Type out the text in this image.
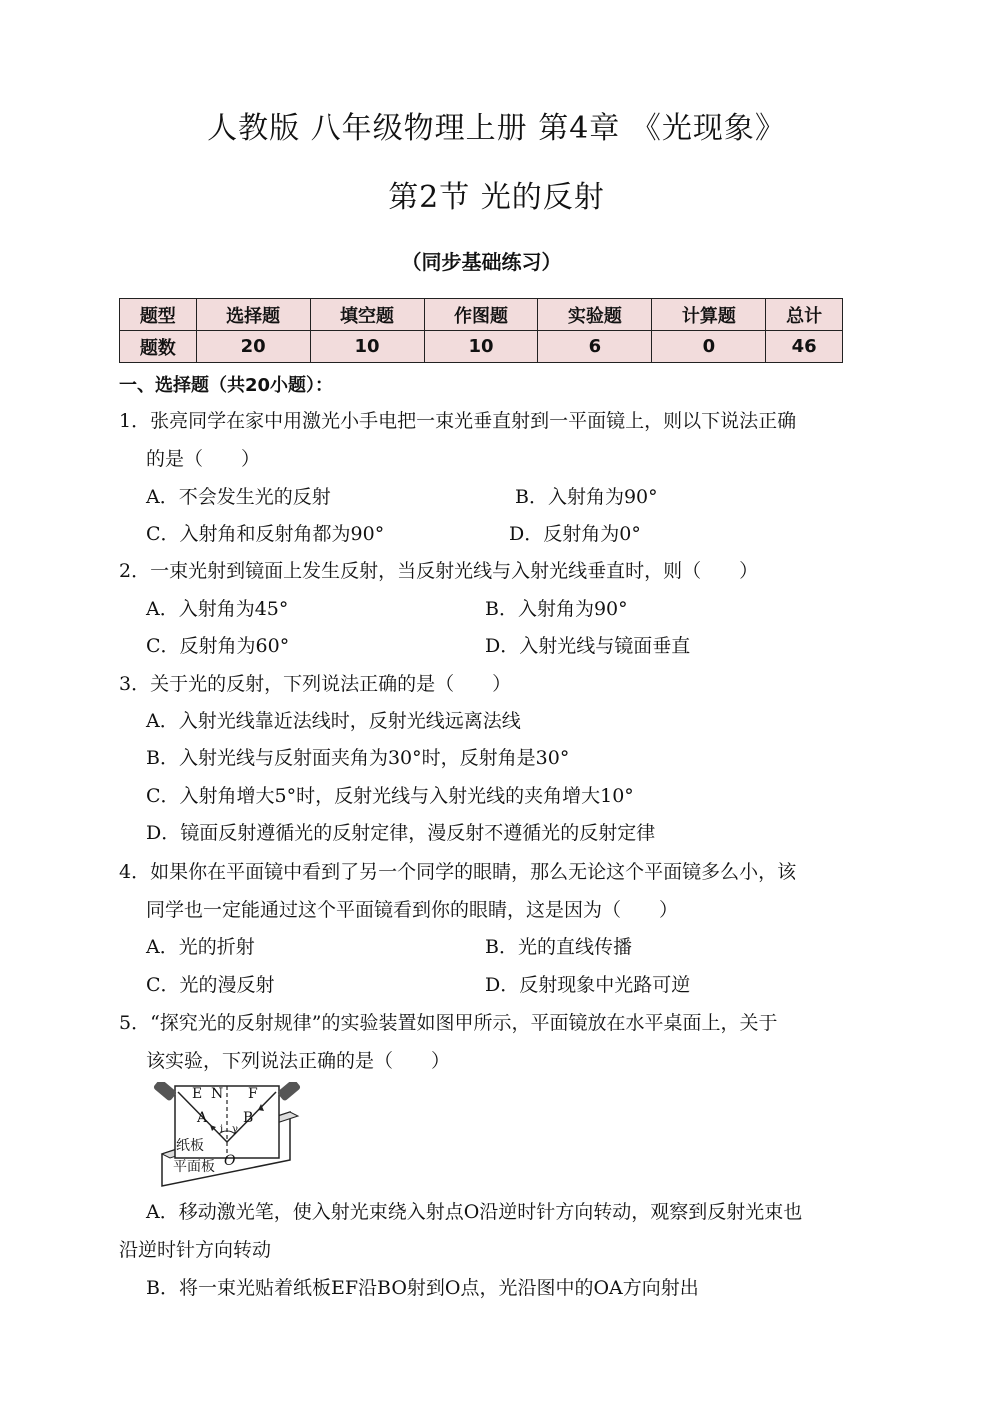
人教版 八年级物理上册 第4章 《光现象》
第2节 光的反射
（同步基础练习）
题型	选择题	填空题	作图题	实验题	计算题	总计
题数	20	10	10	6	0	46
一、选择题（共20小题）：
1．张亮同学在家中用激光小手电把一束光垂直射到一平面镜上，则以下说法正确
的是（　　）
A．不会发生光的反射	B．入射角为90°
C．入射角和反射角都为90°	D．反射角为0°
2．一束光射到镜面上发生反射，当反射光线与入射光线垂直时，则（　　）
A．入射角为45°	B．入射角为90°
C．反射角为60°	D．入射光线与镜面垂直
3．关于光的反射，下列说法正确的是（　　）
A．入射光线靠近法线时，反射光线远离法线
B．入射光线与反射面夹角为30°时，反射角是30°
C．入射角增大5°时，反射光线与入射光线的夹角增大10°
D．镜面反射遵循光的反射定律，漫反射不遵循光的反射定律
4．如果你在平面镜中看到了另一个同学的眼睛，那么无论这个平面镜多么小，该
同学也一定能通过这个平面镜看到你的眼睛，这是因为（　　）
A．光的折射	B．光的直线传播
C．光的漫反射	D．反射现象中光路可逆
5．“探究光的反射规律”的实验装置如图甲所示，平面镜放在水平桌面上，关于
该实验，下列说法正确的是（　　）
E N F
A	B
i γ
纸板
O
平面板
A．移动激光笔，使入射光束绕入射点O沿逆时针方向转动，观察到反射光束也
沿逆时针方向转动
B．将一束光贴着纸板EF沿BO射到O点，光沿图中的OA方向射出
